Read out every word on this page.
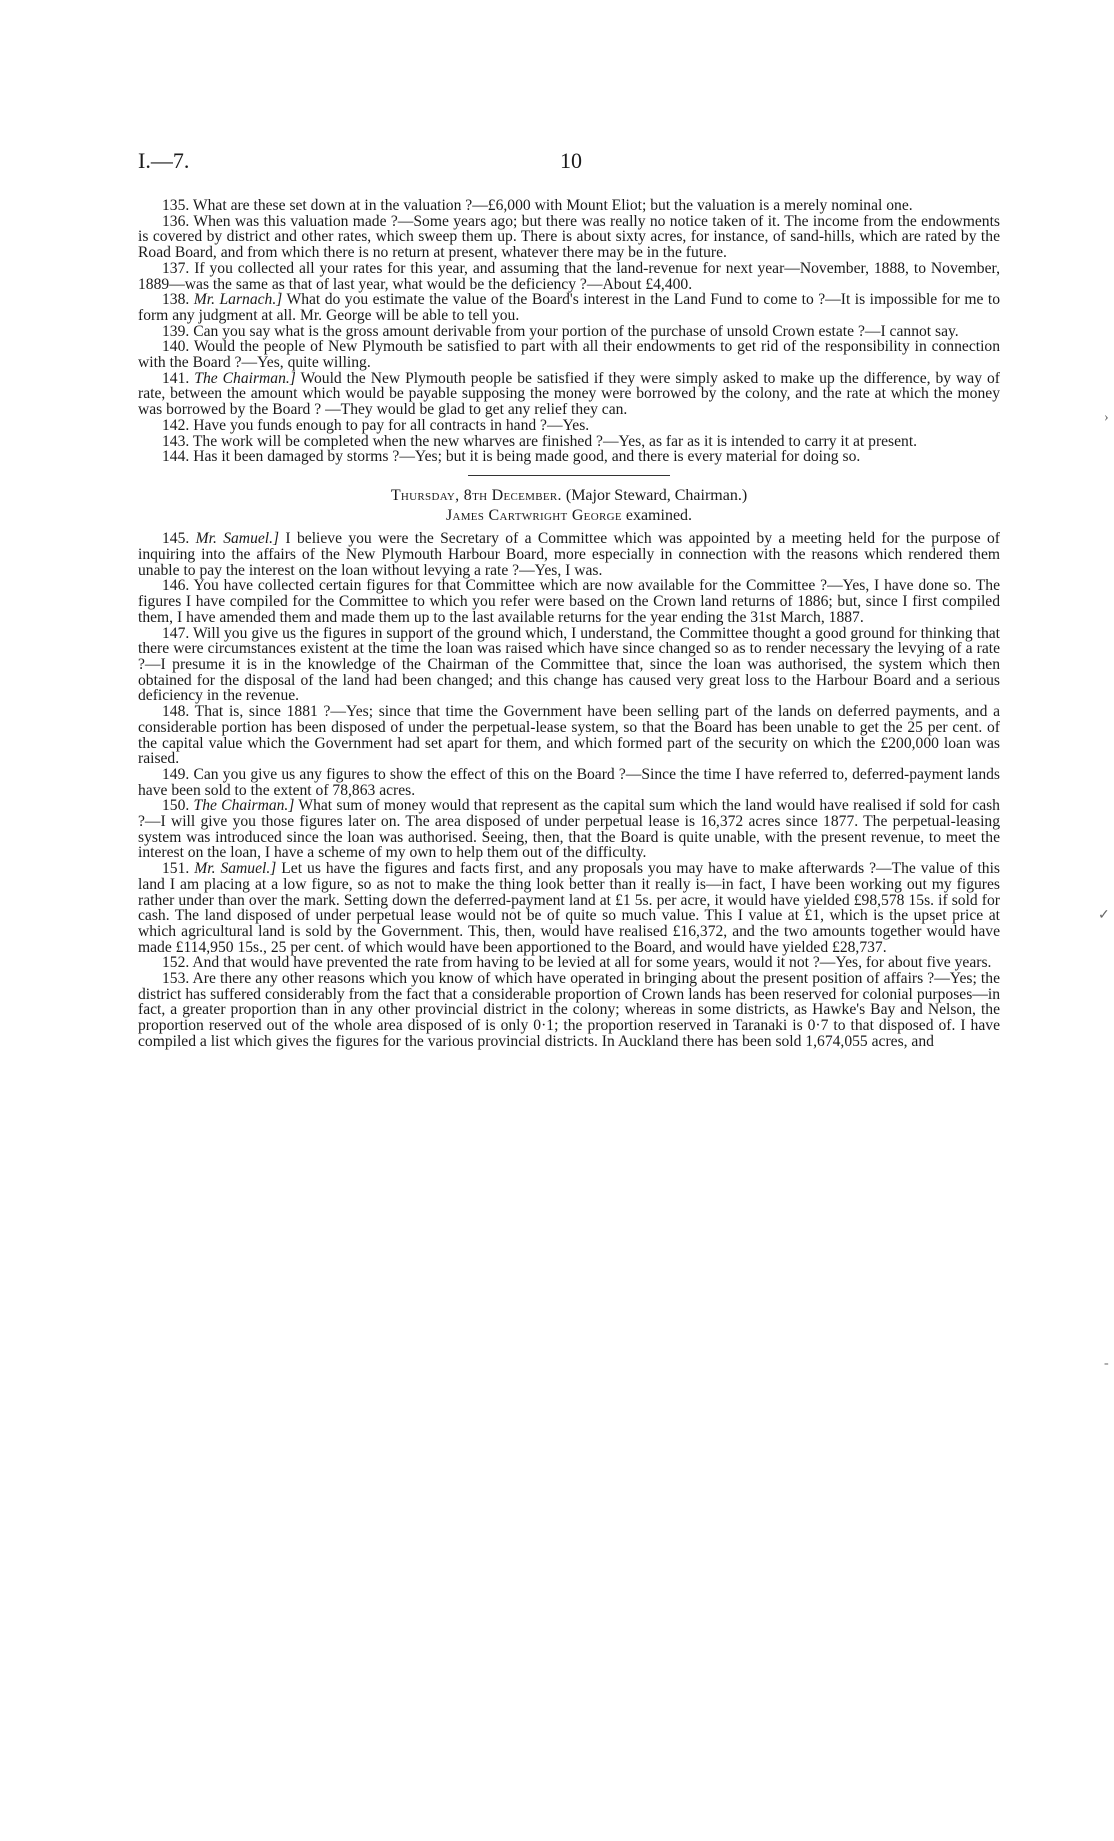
I.—7.	10

135. What are these set down at in the valuation ?—£6,000 with Mount Eliot; but the valuation is a merely nominal one.

136. When was this valuation made ?—Some years ago; but there was really no notice taken of it. The income from the endowments is covered by district and other rates, which sweep them up. There is about sixty acres, for instance, of sand-hills, which are rated by the Road Board, and from which there is no return at present, whatever there may be in the future.

137. If you collected all your rates for this year, and assuming that the land-revenue for next year—November, 1888, to November, 1889—was the same as that of last year, what would be the deficiency ?—About £4,400.

138. Mr. Larnach.] What do you estimate the value of the Board's interest in the Land Fund to come to ?—It is impossible for me to form any judgment at all. Mr. George will be able to tell you.

139. Can you say what is the gross amount derivable from your portion of the purchase of unsold Crown estate ?—I cannot say.

140. Would the people of New Plymouth be satisfied to part with all their endowments to get rid of the responsibility in connection with the Board ?—Yes, quite willing.

141. The Chairman.] Would the New Plymouth people be satisfied if they were simply asked to make up the difference, by way of rate, between the amount which would be payable supposing the money were borrowed by the colony, and the rate at which the money was borrowed by the Board ? —They would be glad to get any relief they can.

142. Have you funds enough to pay for all contracts in hand ?—Yes.

143. The work will be completed when the new wharves are finished ?—Yes, as far as it is intended to carry it at present.

144. Has it been damaged by storms ?—Yes; but it is being made good, and there is every material for doing so.

Thursday, 8th December. (Major Steward, Chairman.)

James Cartwright George examined.

145. Mr. Samuel.] I believe you were the Secretary of a Committee which was appointed by a meeting held for the purpose of inquiring into the affairs of the New Plymouth Harbour Board, more especially in connection with the reasons which rendered them unable to pay the interest on the loan without levying a rate ?—Yes, I was.

146. You have collected certain figures for that Committee which are now available for the Committee ?—Yes, I have done so. The figures I have compiled for the Committee to which you refer were based on the Crown land returns of 1886; but, since I first compiled them, I have amended them and made them up to the last available returns for the year ending the 31st March, 1887.

147. Will you give us the figures in support of the ground which, I understand, the Committee thought a good ground for thinking that there were circumstances existent at the time the loan was raised which have since changed so as to render necessary the levying of a rate ?—I presume it is in the knowledge of the Chairman of the Committee that, since the loan was authorised, the system which then obtained for the disposal of the land had been changed; and this change has caused very great loss to the Harbour Board and a serious deficiency in the revenue.

148. That is, since 1881 ?—Yes; since that time the Government have been selling part of the lands on deferred payments, and a considerable portion has been disposed of under the perpetual-lease system, so that the Board has been unable to get the 25 per cent. of the capital value which the Government had set apart for them, and which formed part of the security on which the £200,000 loan was raised.

149. Can you give us any figures to show the effect of this on the Board ?—Since the time I have referred to, deferred-payment lands have been sold to the extent of 78,863 acres.

150. The Chairman.] What sum of money would that represent as the capital sum which the land would have realised if sold for cash ?—I will give you those figures later on. The area disposed of under perpetual lease is 16,372 acres since 1877. The perpetual-leasing system was introduced since the loan was authorised. Seeing, then, that the Board is quite unable, with the present revenue, to meet the interest on the loan, I have a scheme of my own to help them out of the difficulty.

151. Mr. Samuel.] Let us have the figures and facts first, and any proposals you may have to make afterwards ?—The value of this land I am placing at a low figure, so as not to make the thing look better than it really is—in fact, I have been working out my figures rather under than over the mark. Setting down the deferred-payment land at £1 5s. per acre, it would have yielded £98,578 15s. if sold for cash. The land disposed of under perpetual lease would not be of quite so much value. This I value at £1, which is the upset price at which agricultural land is sold by the Government. This, then, would have realised £16,372, and the two amounts together would have made £114,950 15s., 25 per cent. of which would have been apportioned to the Board, and would have yielded £28,737.

152. And that would have prevented the rate from having to be levied at all for some years, would it not ?—Yes, for about five years.

153. Are there any other reasons which you know of which have operated in bringing about the present position of affairs ?—Yes; the district has suffered considerably from the fact that a considerable proportion of Crown lands has been reserved for colonial purposes—in fact, a greater proportion than in any other provincial district in the colony; whereas in some districts, as Hawke's Bay and Nelson, the proportion reserved out of the whole area disposed of is only 0·1; the proportion reserved in Taranaki is 0·7 to that disposed of. I have compiled a list which gives the figures for the various provincial districts. In Auckland there has been sold 1,674,055 acres, and

›
✓
-
